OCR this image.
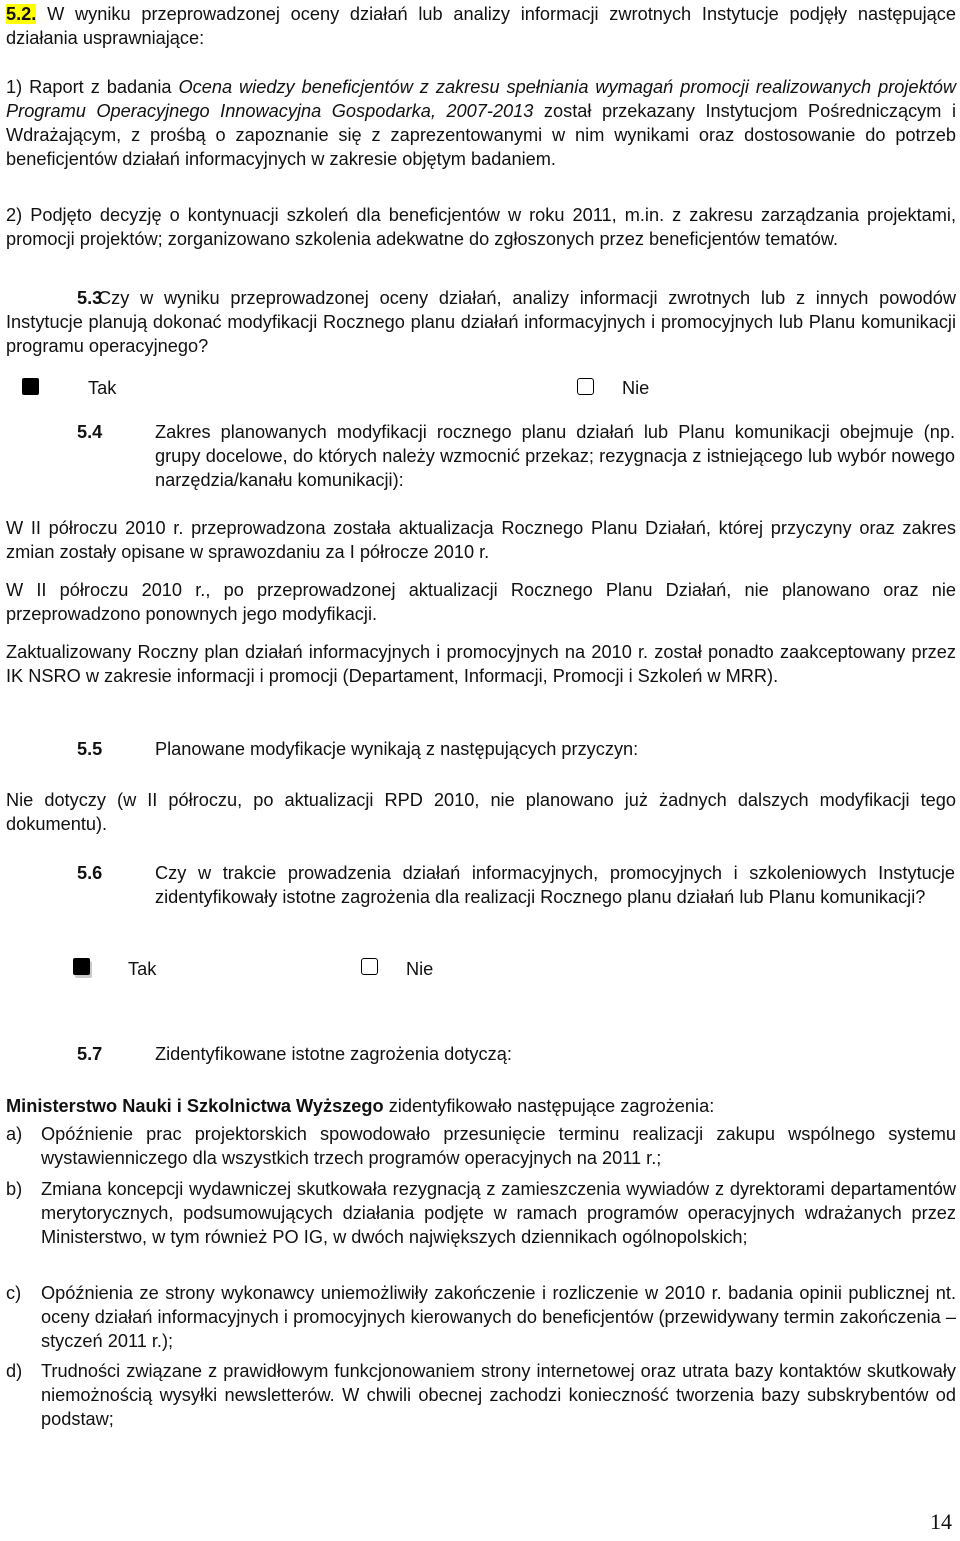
5.2. W wyniku przeprowadzonej oceny działań lub analizy informacji zwrotnych Instytucje podjęły następujące działania usprawniające:

1) Raport z badania Ocena wiedzy beneficjentów z zakresu spełniania wymagań promocji realizowanych projektów Programu Operacyjnego Innowacyjna Gospodarka, 2007-2013 został przekazany Instytucjom Pośredniczącym i Wdrażającym, z prośbą o zapoznanie się z zaprezentowanymi w nim wynikami oraz dostosowanie do potrzeb beneficjentów działań informacyjnych w zakresie objętym badaniem.

2) Podjęto decyzję o kontynuacji szkoleń dla beneficjentów w roku 2011, m.in. z zakresu zarządzania projektami, promocji projektów; zorganizowano szkolenia adekwatne do zgłoszonych przez beneficjentów tematów.

5.3

Czy w wyniku przeprowadzonej oceny działań, analizy informacji zwrotnych lub z innych powodów Instytucje planują dokonać modyfikacji Rocznego planu działań informacyjnych i promocyjnych lub Planu komunikacji programu operacyjnego?

Tak	Nie
5.4	Zakres planowanych modyfikacji rocznego planu działań lub Planu komunikacji obejmuje (np. grupy docelowe, do których należy wzmocnić przekaz; rezygnacja z istniejącego lub wybór nowego narzędzia/kanału komunikacji):

W II półroczu 2010 r. przeprowadzona została aktualizacja Rocznego Planu Działań, której przyczyny oraz zakres zmian zostały opisane w sprawozdaniu za I półrocze 2010 r.

W II półroczu 2010 r., po przeprowadzonej aktualizacji Rocznego Planu Działań, nie planowano oraz nie przeprowadzono ponownych jego modyfikacji.

Zaktualizowany Roczny plan działań informacyjnych i promocyjnych na 2010 r. został ponadto zaakceptowany przez IK NSRO w zakresie informacji i promocji (Departament, Informacji, Promocji i Szkoleń w MRR).

5.5	Planowane modyfikacje wynikają z następujących przyczyn:

Nie dotyczy (w II półroczu, po aktualizacji RPD 2010, nie planowano już żadnych dalszych modyfikacji tego dokumentu).

5.6	Czy w trakcie prowadzenia działań informacyjnych, promocyjnych i szkoleniowych Instytucje zidentyfikowały istotne zagrożenia dla realizacji Rocznego planu działań lub Planu komunikacji?

Tak	Nie
5.7	Zidentyfikowane istotne zagrożenia dotyczą:

Ministerstwo Nauki i Szkolnictwa Wyższego zidentyfikowało następujące zagrożenia:

a) Opóźnienie prac projektorskich spowodowało przesunięcie terminu realizacji zakupu wspólnego systemu wystawienniczego dla wszystkich trzech programów operacyjnych na 2011 r.;

b) Zmiana koncepcji wydawniczej skutkowała rezygnacją z zamieszczenia wywiadów z dyrektorami departamentów merytorycznych, podsumowujących działania podjęte w ramach programów operacyjnych wdrażanych przez Ministerstwo, w tym również PO IG, w dwóch największych dziennikach ogólnopolskich;

c) Opóźnienia ze strony wykonawcy uniemożliwiły zakończenie i rozliczenie w 2010 r. badania opinii publicznej nt. oceny działań informacyjnych i promocyjnych kierowanych do beneficjentów (przewidywany termin zakończenia – styczeń 2011 r.);

d) Trudności związane z prawidłowym funkcjonowaniem strony internetowej oraz utrata bazy kontaktów skutkowały niemożnością wysyłki newsletterów. W chwili obecnej zachodzi konieczność tworzenia bazy subskrybentów od podstaw;

14
